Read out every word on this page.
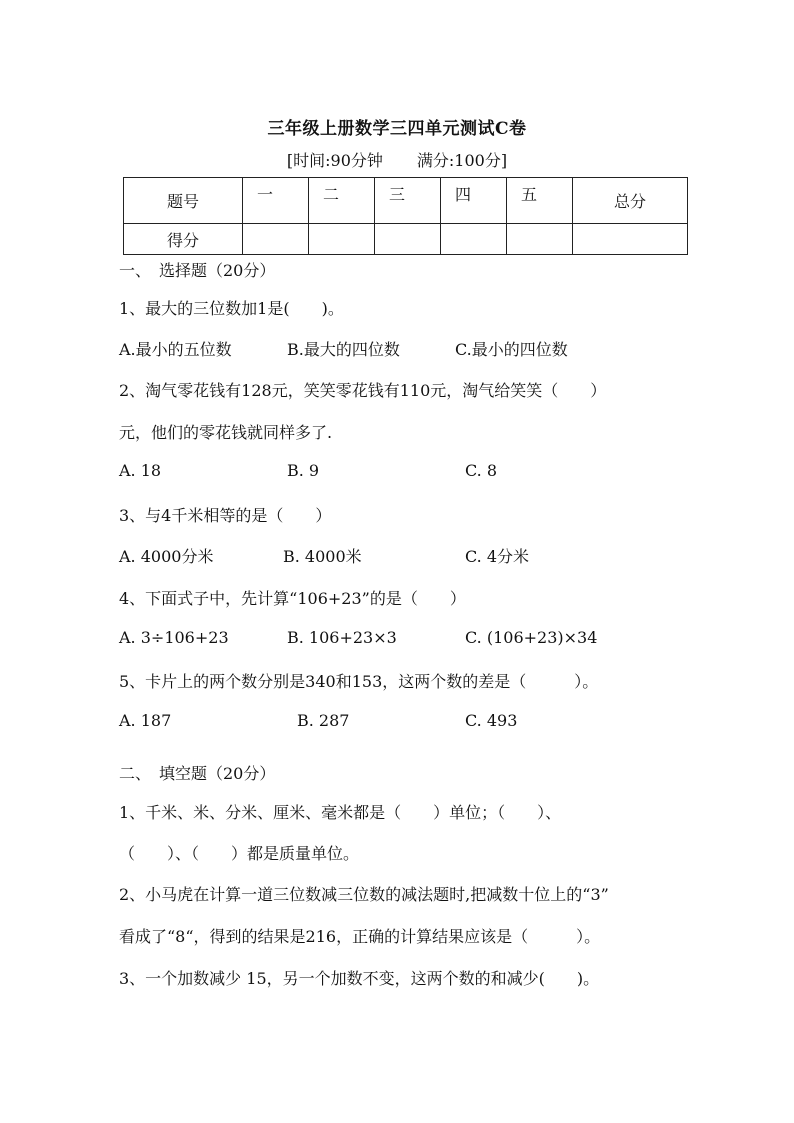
三年级上册数学三四单元测试C卷
[时间:90分钟 满分:100分]
题号	一	二	三	四	五	总分
得分						
一、　选择题（20分）
1、最大的三位数加1是(　　)。
A.最小的五位数	B.最大的四位数	C.最小的四位数
2、淘气零花钱有128元，笑笑零花钱有110元，淘气给笑笑（　　）
元，他们的零花钱就同样多了.
A. 18	B. 9	C. 8
3、与4千米相等的是（　　）
A. 4000分米	B. 4000米	C. 4分米
4、下面式子中，先计算“106+23”的是（　　）
A. 3÷106+23	B. 106+23×3	C. (106+23)×34
5、卡片上的两个数分别是340和153，这两个数的差是（　　　）。
A. 187	B. 287	C. 493
二、　填空题（20分）
1、千米、米、分米、厘米、毫米都是（　　）单位；（　　）、
（　　）、（　　）都是质量单位。
2、小马虎在计算一道三位数减三位数的减法题时,把减数十位上的“3”
看成了“8“，得到的结果是216，正确的计算结果应该是（　　　）。
3、一个加数减少 15，另一个加数不变，这两个数的和减少(　　)。
